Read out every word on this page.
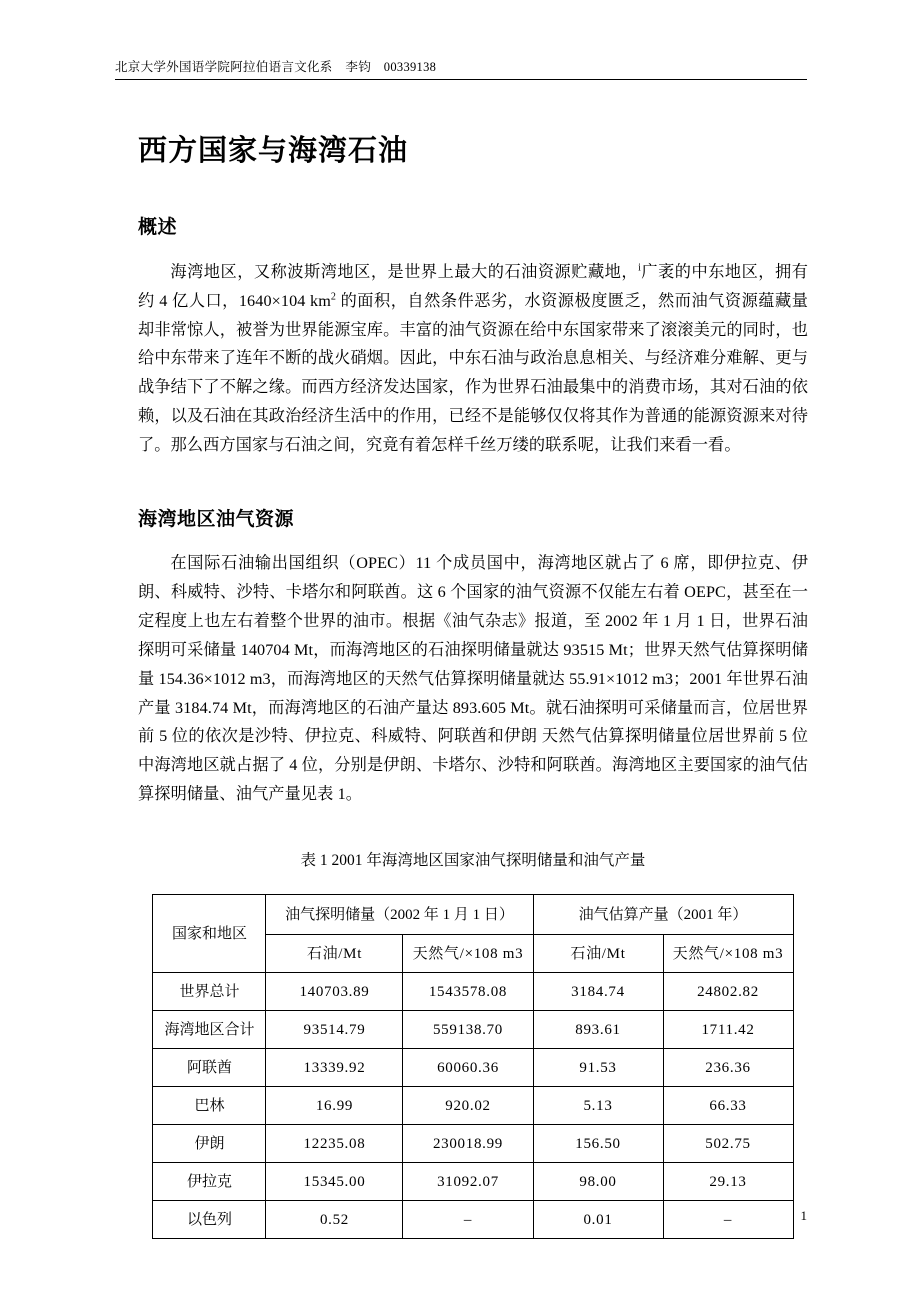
北京大学外国语学院阿拉伯语言文化系　李钧　00339138
西方国家与海湾石油
概述

海湾地区，又称波斯湾地区，是世界上最大的石油资源贮藏地，$^i$广袤的中东地区，拥有约 4 亿人口，1640×104 $km^2$ 的面积，自然条件恶劣，水资源极度匮乏，然而油气资源蕴藏量却非常惊人，被誉为世界能源宝库。丰富的油气资源在给中东国家带来了滚滚美元的同时，也给中东带来了连年不断的战火硝烟。因此，中东石油与政治息息相关、与经济难分难解、更与战争结下了不解之缘。而西方经济发达国家，作为世界石油最集中的消费市场，其对石油的依赖，以及石油在其政治经济生活中的作用，已经不是能够仅仅将其作为普通的能源资源来对待了。那么西方国家与石油之间，究竟有着怎样千丝万缕的联系呢，让我们来看一看。

海湾地区油气资源

在国际石油输出国组织（OPEC）11 个成员国中，海湾地区就占了 6 席，即伊拉克、伊朗、科威特、沙特、卡塔尔和阿联酋。这 6 个国家的油气资源不仅能左右着 OEPC，甚至在一定程度上也左右着整个世界的油市。根据《油气杂志》报道，至 2002 年 1 月 1 日，世界石油探明可采储量 140704 Mt，而海湾地区的石油探明储量就达 93515 Mt；世界天然气估算探明储量 154.36×1012 m3，而海湾地区的天然气估算探明储量就达 55.91×1012 m3；2001 年世界石油产量 3184.74 Mt，而海湾地区的石油产量达 893.605 Mt。就石油探明可采储量而言，位居世界前 5 位的依次是沙特、伊拉克、科威特、阿联酋和伊朗 天然气估算探明储量位居世界前 5 位中海湾地区就占据了 4 位，分别是伊朗、卡塔尔、沙特和阿联酋。海湾地区主要国家的油气估算探明储量、油气产量见表 1。

表 1 2001 年海湾地区国家油气探明储量和油气产量
国家和地区	油气探明储量（2002 年 1 月 1 日）		油气估算产量（2001 年）	
	石油/Mt	天然气/×108 m3	石油/Mt	天然气/×108 m3
世界总计	140703.89	1543578.08	3184.74	24802.82
海湾地区合计	93514.79	559138.70	893.61	1711.42
阿联酋	13339.92	60060.36	91.53	236.36
巴林	16.99	920.02	5.13	66.33
伊朗	12235.08	230018.99	156.50	502.75
伊拉克	15345.00	31092.07	98.00	29.13
以色列	0.52	–	0.01	–	1
